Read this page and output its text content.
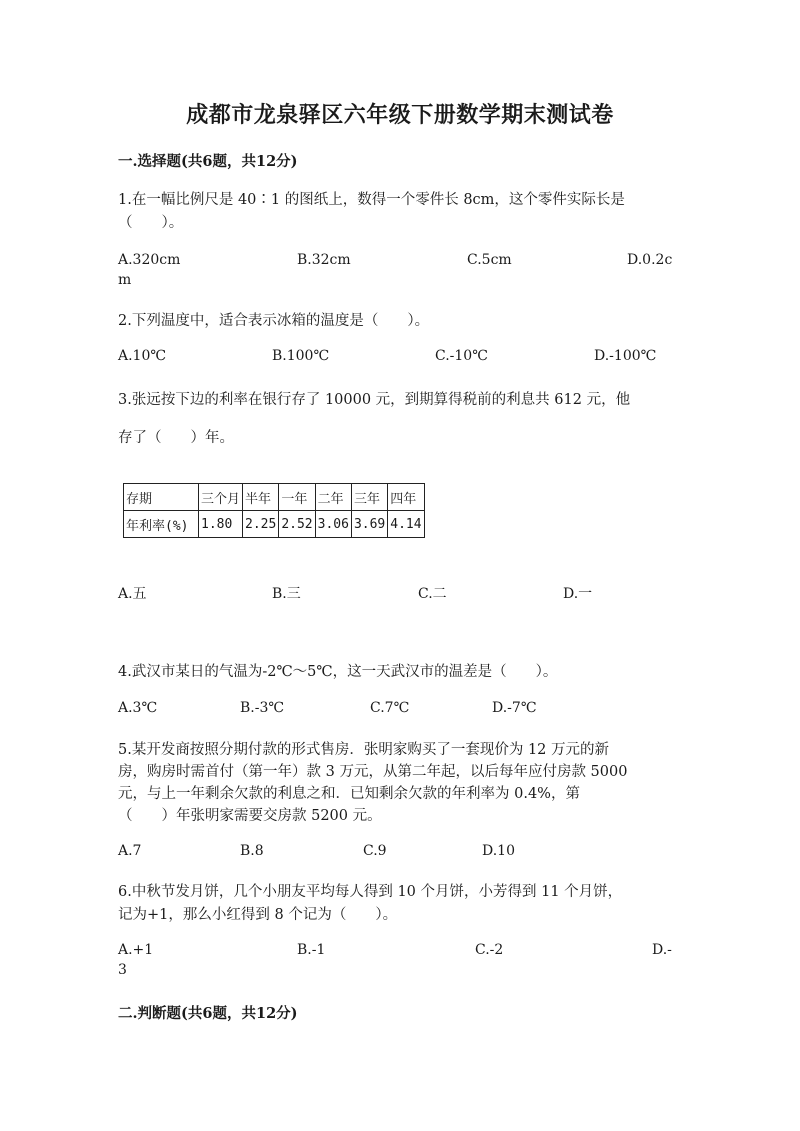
成都市龙泉驿区六年级下册数学期末测试卷
一.选择题(共6题，共12分)
1.在一幅比例尺是 40∶1 的图纸上，数得一个零件长 8cm，这个零件实际长是
（　　）。
A.320cm	B.32cm	C.5cm	D.0.2c
m
2.下列温度中，适合表示冰箱的温度是（　　）。
A.10℃	B.100℃	C.-10℃	D.-100℃
3.张远按下边的利率在银行存了 10000 元，到期算得税前的利息共 612 元，他
存了（　　）年。
存期	三个月	半年	一年	二年	三年	四年
年利率(%)	1.80	2.25	2.52	3.06	3.69	4.14
A.五	B.三	C.二	D.一
4.武汉市某日的气温为-2℃～5℃，这一天武汉市的温差是（　　）。
A.3℃	B.-3℃	C.7℃	D.-7℃
5.某开发商按照分期付款的形式售房．张明家购买了一套现价为 12 万元的新
房，购房时需首付（第一年）款 3 万元，从第二年起，以后每年应付房款 5000
元，与上一年剩余欠款的利息之和．已知剩余欠款的年利率为 0.4%，第
（　　）年张明家需要交房款 5200 元。
A.7	B.8	C.9	D.10
6.中秋节发月饼，几个小朋友平均每人得到 10 个月饼，小芳得到 11 个月饼，
记为+1，那么小红得到 8 个记为（　　）。
A.+1	B.-1	C.-2	D.-
3
二.判断题(共6题，共12分)
